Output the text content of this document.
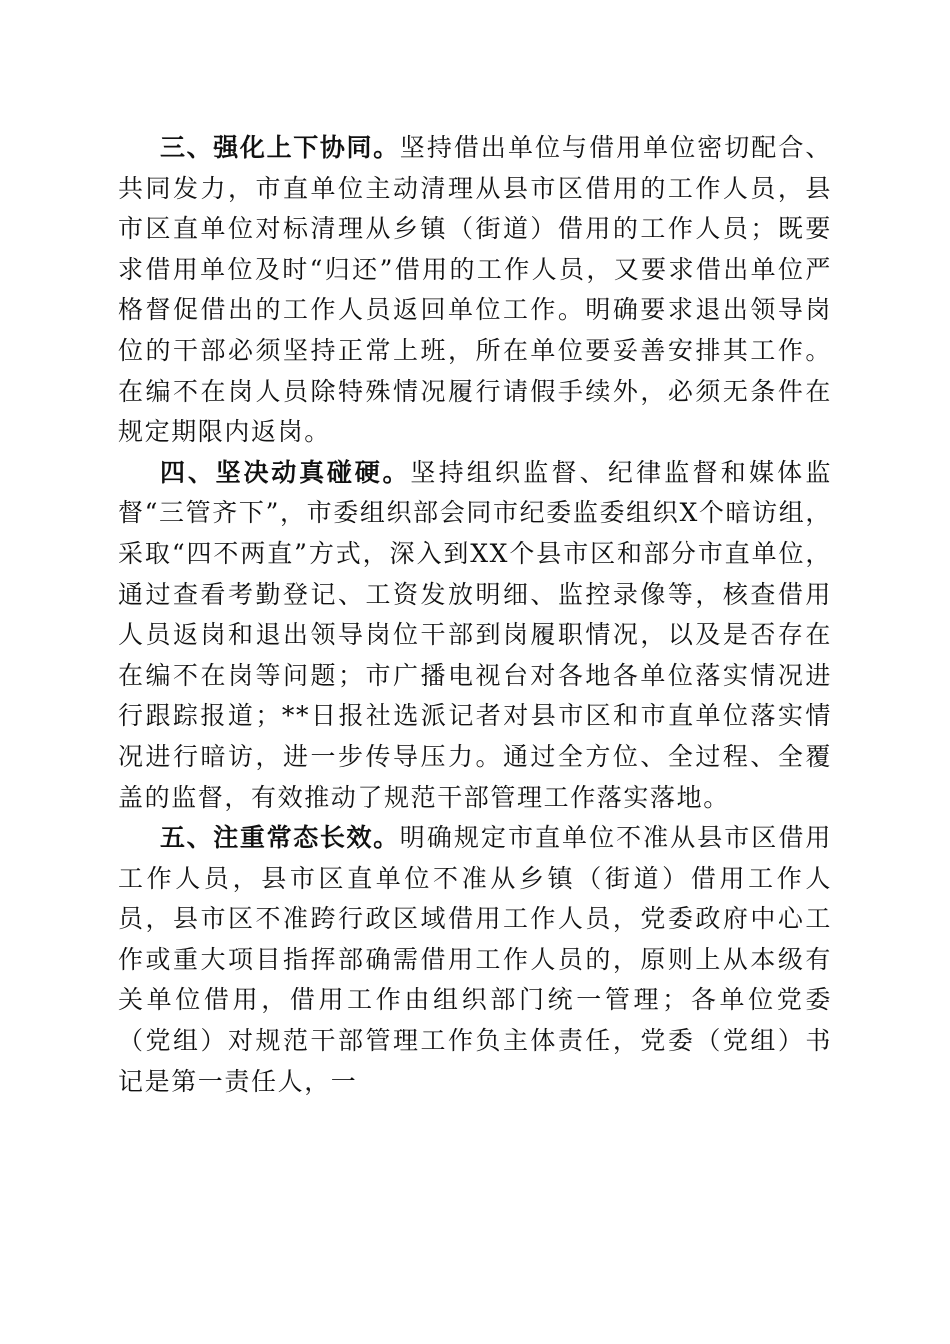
三、强化上下协同。坚持借出单位与借用单位密切配合、共同发力，市直单位主动清理从县市区借用的工作人员，县市区直单位对标清理从乡镇（街道）借用的工作人员；既要求借用单位及时“归还”借用的工作人员，又要求借出单位严格督促借出的工作人员返回单位工作。明确要求退出领导岗位的干部必须坚持正常上班，所在单位要妥善安排其工作。在编不在岗人员除特殊情况履行请假手续外，必须无条件在规定期限内返岗。

四、坚决动真碰硬。坚持组织监督、纪律监督和媒体监督“三管齐下”，市委组织部会同市纪委监委组织X个暗访组，采取“四不两直”方式，深入到XX个县市区和部分市直单位，通过查看考勤登记、工资发放明细、监控录像等，核查借用人员返岗和退出领导岗位干部到岗履职情况，以及是否存在在编不在岗等问题；市广播电视台对各地各单位落实情况进行跟踪报道；**日报社选派记者对县市区和市直单位落实情况进行暗访，进一步传导压力。通过全方位、全过程、全覆盖的监督，有效推动了规范干部管理工作落实落地。

五、注重常态长效。明确规定市直单位不准从县市区借用工作人员，县市区直单位不准从乡镇（街道）借用工作人员，县市区不准跨行政区域借用工作人员，党委政府中心工作或重大项目指挥部确需借用工作人员的，原则上从本级有关单位借用，借用工作由组织部门统一管理；各单位党委（党组）对规范干部管理工作负主体责任，党委（党组）书记是第一责任人，一
